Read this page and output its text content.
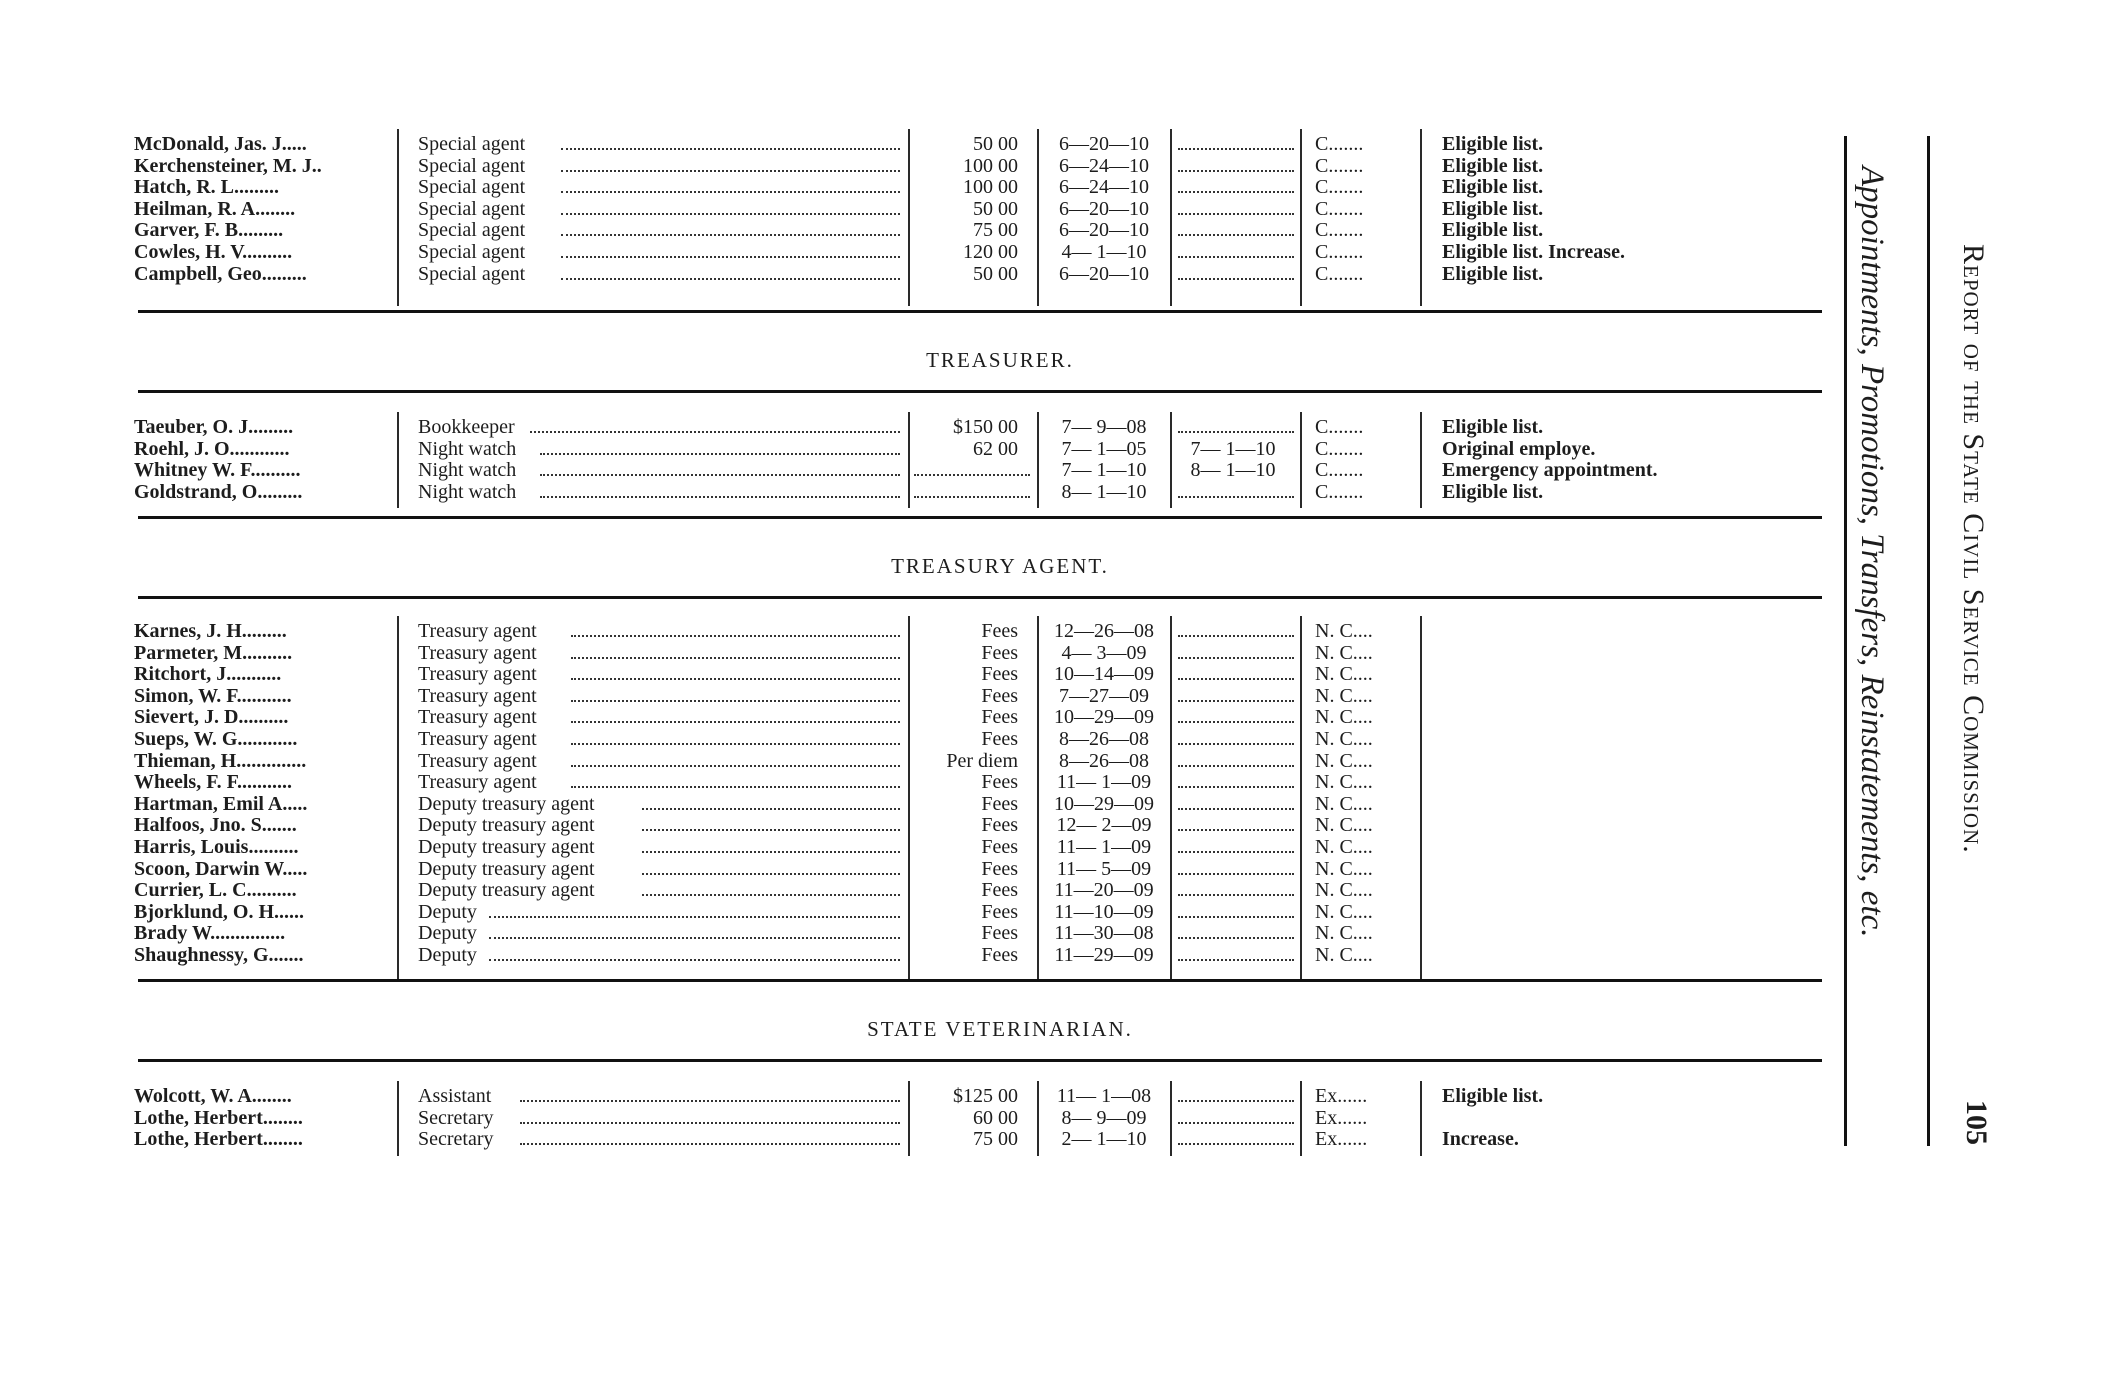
McDonald, Jas. J.....	Special agent	50 00	6—20—10	C.......	Eligible list.
Kerchensteiner, M. J..	Special agent	100 00	6—24—10	C.......	Eligible list.
Hatch, R. L.........	Special agent	100 00	6—24—10	C.......	Eligible list.
Heilman, R. A........	Special agent	50 00	6—20—10	C.......	Eligible list.
Garver, F. B.........	Special agent	75 00	6—20—10	C.......	Eligible list.
Cowles, H. V..........	Special agent	120 00	4— 1—10	C.......	Eligible list. Increase.
Campbell, Geo.........	Special agent	50 00	6—20—10	C.......	Eligible list.
TREASURER.
Taeuber, O. J.........	Bookkeeper	$150 00	7— 9—08	C.......	Eligible list.
Roehl, J. O............	Night watch	62 00	7— 1—05	7— 1—10	C.......	Original employe.
Whitney W. F..........	Night watch	7— 1—10	8— 1—10	C.......	Emergency appointment.
Goldstrand, O.........	Night watch	8— 1—10	C.......	Eligible list.
TREASURY AGENT.
Karnes, J. H.........	Treasury agent	Fees	12—26—08	N. C....
Parmeter, M..........	Treasury agent	Fees	4— 3—09	N. C....
Ritchort, J...........	Treasury agent	Fees	10—14—09	N. C....
Simon, W. F...........	Treasury agent	Fees	7—27—09	N. C....
Sievert, J. D..........	Treasury agent	Fees	10—29—09	N. C....
Sueps, W. G............	Treasury agent	Fees	8—26—08	N. C....
Thieman, H..............	Treasury agent	Per diem	8—26—08	N. C....
Wheels, F. F...........	Treasury agent	Fees	11— 1—09	N. C....
Hartman, Emil A.....	Deputy treasury agent	Fees	10—29—09	N. C....
Halfoos, Jno. S.......	Deputy treasury agent	Fees	12— 2—09	N. C....
Harris, Louis..........	Deputy treasury agent	Fees	11— 1—09	N. C....
Scoon, Darwin W.....	Deputy treasury agent	Fees	11— 5—09	N. C....
Currier, L. C..........	Deputy treasury agent	Fees	11—20—09	N. C....
Bjorklund, O. H......	Deputy	Fees	11—10—09	N. C....
Brady W...............	Deputy	Fees	11—30—08	N. C....
Shaughnessy, G.......	Deputy	Fees	11—29—09	N. C....
STATE VETERINARIAN.
Wolcott, W. A........	Assistant	$125 00	11— 1—08	Ex......	Eligible list.
Lothe, Herbert........	Secretary	60 00	8— 9—09	Ex......
Lothe, Herbert........	Secretary	75 00	2— 1—10	Ex......	Increase.
Report of the State Civil Service Commission.
105
Appointments, Promotions, Transfers, Reinstatements, etc.
